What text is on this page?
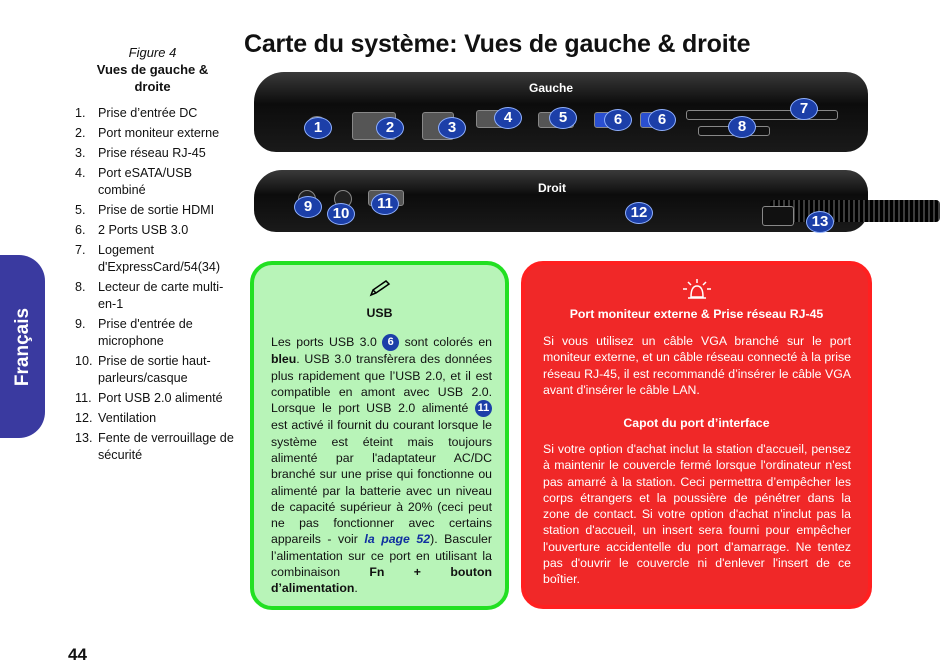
Carte du système: Vues de gauche & droite
Figure 4
Vues de gauche & droite
1. Prise d’entrée DC
2. Port moniteur externe
3. Prise réseau RJ-45
4. Port eSATA/USB combiné
5. Prise de sortie HDMI
6. 2 Ports USB 3.0
7. Logement d'ExpressCard/54(34)
8. Lecteur de carte multi-en-1
9. Prise d'entrée de microphone
10. Prise de sortie haut-parleurs/casque
11. Port USB 2.0 alimenté
12. Ventilation
13. Fente de verrouillage de sécurité
Français
Gauche
1	2	3
4	5	6	6
7
8
Droit
9	10
11
12
13
USB

Les ports USB 3.0 6 sont colorés en bleu. USB 3.0 transfèrera des données plus rapidement que l’USB 2.0, et il est compatible en amont avec USB 2.0. Lorsque le port USB 2.0 alimenté 11 est activé il fournit du courant lorsque le système est éteint mais toujours alimenté par l'adaptateur AC/DC branché sur une prise qui fonctionne ou alimenté par la batterie avec un niveau de capacité supérieur à 20% (ceci peut ne pas fonctionner avec certains appareils - voir la page 52). Basculer l’alimentation sur ce port en utilisant la combinaison Fn + bouton d’alimentation.

Port moniteur externe & Prise réseau RJ-45

Si vous utilisez un câble VGA branché sur le port moniteur externe, et un câble réseau connecté à la prise réseau RJ-45, il est recommandé d’insérer le câble VGA avant d'insérer le câble LAN.

Capot du port d’interface

Si votre option d'achat inclut la station d'accueil, pensez à maintenir le couvercle fermé lorsque l'ordinateur n'est pas amarré à la station. Ceci permettra d’empêcher les corps étrangers et la poussière de pénétrer dans la zone de contact. Si votre option d'achat n'inclut pas la station d'accueil, un insert sera fourni pour empêcher l'ouverture accidentelle du port d'amarrage. Ne tentez pas d'ouvrir le couvercle ni d'enlever l'insert de ce boîtier.

44
